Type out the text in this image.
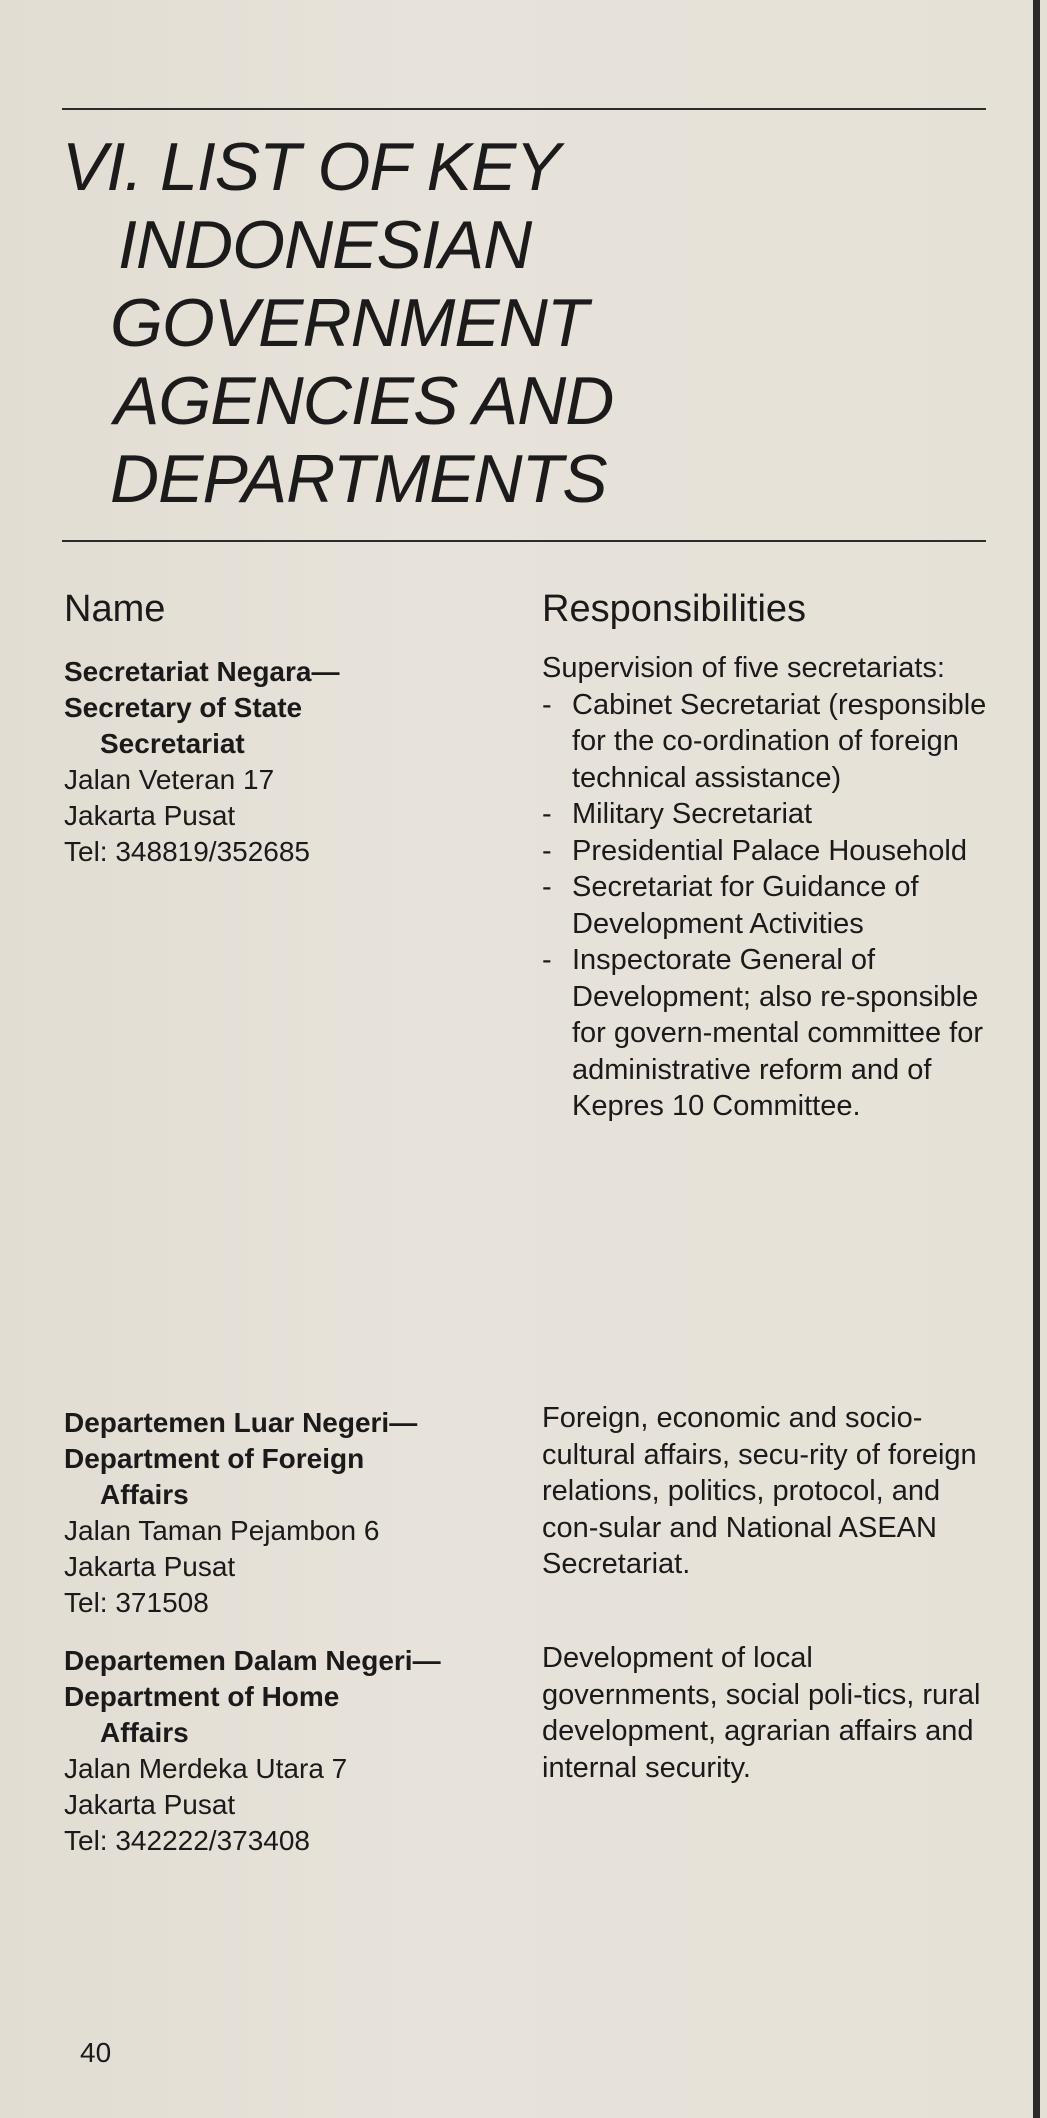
VI. LIST OF KEY
INDONESIAN
GOVERNMENT
AGENCIES AND
DEPARTMENTS
Name	Responsibilities
Secretariat Negara—
Secretary of State
Secretariat
Jalan Veteran 17
Jakarta Pusat
Tel: 348819/352685
Supervision of five secretariats:
- Cabinet Secretariat (responsible for the co-ordination of foreign technical assistance)
- Military Secretariat
- Presidential Palace Household
- Secretariat for Guidance of Development Activities
- Inspectorate General of Development; also re-sponsible for govern-mental committee for administrative reform and of Kepres 10 Committee.
Departemen Luar Negeri—
Department of Foreign
Affairs
Jalan Taman Pejambon 6
Jakarta Pusat
Tel: 371508
Foreign, economic and socio-cultural affairs, secu-rity of foreign relations, politics, protocol, and con-sular and National ASEAN Secretariat.
Departemen Dalam Negeri—
Department of Home
Affairs
Jalan Merdeka Utara 7
Jakarta Pusat
Tel: 342222/373408
Development of local governments, social poli-tics, rural development, agrarian affairs and internal security.
40
